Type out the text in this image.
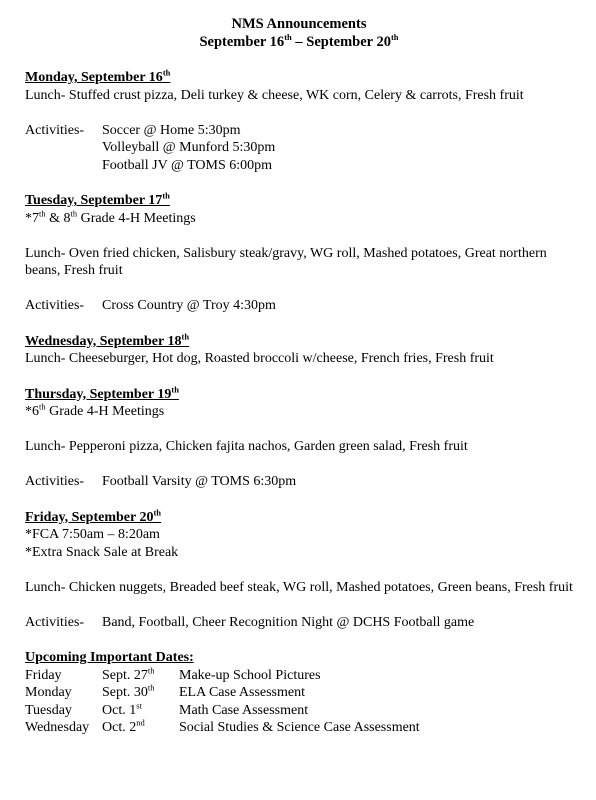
NMS Announcements
September 16th – September 20th
Monday, September 16th
Lunch- Stuffed crust pizza, Deli turkey & cheese, WK corn, Celery & carrots, Fresh fruit
Activities-	Soccer @ Home 5:30pm
Volleyball @ Munford 5:30pm
Football JV @ TOMS 6:00pm
Tuesday, September 17th
*7th & 8th Grade 4-H Meetings
Lunch- Oven fried chicken, Salisbury steak/gravy, WG roll, Mashed potatoes, Great northern beans, Fresh fruit
Activities-	Cross Country @ Troy 4:30pm
Wednesday, September 18th
Lunch- Cheeseburger, Hot dog, Roasted broccoli w/cheese, French fries, Fresh fruit
Thursday, September 19th
*6th Grade 4-H Meetings
Lunch- Pepperoni pizza, Chicken fajita nachos, Garden green salad, Fresh fruit
Activities-	Football Varsity @ TOMS 6:30pm
Friday, September 20th
*FCA 7:50am – 8:20am
*Extra Snack Sale at Break
Lunch- Chicken nuggets, Breaded beef steak, WG roll, Mashed potatoes, Green beans, Fresh fruit
Activities-	Band, Football, Cheer Recognition Night @ DCHS Football game
Upcoming Important Dates:
Friday	Sept. 27th	Make-up School Pictures
Monday	Sept. 30th	ELA Case Assessment
Tuesday	Oct. 1st	Math Case Assessment
Wednesday Oct. 2nd	Social Studies & Science Case Assessment
